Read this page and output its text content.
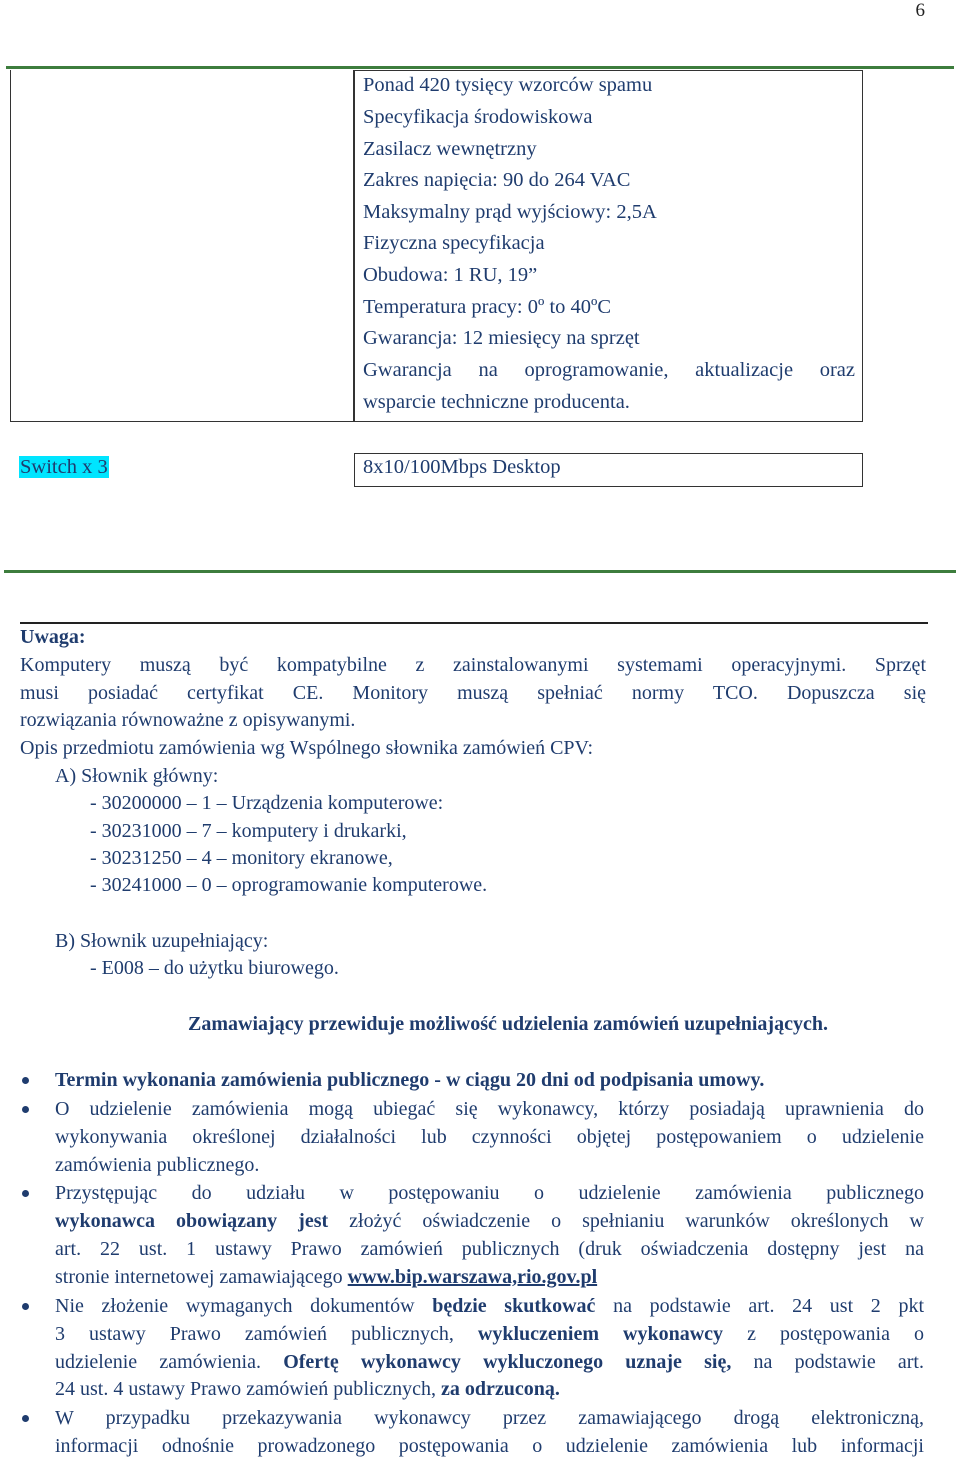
6
Ponad 420 tysięcy wzorców spamu
Specyfikacja środowiskowa
Zasilacz wewnętrzny
Zakres napięcia: 90 do 264 VAC
Maksymalny prąd wyjściowy: 2,5A
Fizyczna specyfikacja
Obudowa: 1 RU, 19”
Temperatura pracy: 0º to 40ºC
Gwarancja: 12 miesięcy na sprzęt
Gwarancja na oprogramowanie, aktualizacje oraz
wsparcie techniczne producenta.
Switch x 3	8x10/100Mbps Desktop
Uwaga:
Komputery muszą być kompatybilne z zainstalowanymi systemami operacyjnymi. Sprzęt
musi posiadać certyfikat CE. Monitory muszą spełniać normy TCO. Dopuszcza się
rozwiązania równoważne z opisywanymi.
Opis przedmiotu zamówienia wg Wspólnego słownika zamówień CPV:
A) Słownik główny:
- 30200000 – 1 – Urządzenia komputerowe:
- 30231000 – 7 – komputery i drukarki,
- 30231250 – 4 – monitory ekranowe,
- 30241000 – 0 – oprogramowanie komputerowe.
B) Słownik uzupełniający:
- E008 – do użytku biurowego.
Zamawiający przewiduje możliwość udzielenia zamówień uzupełniających.
Termin wykonania zamówienia publicznego - w ciągu 20 dni od podpisania umowy.
O udzielenie zamówienia mogą ubiegać się wykonawcy, którzy posiadają uprawnienia do
wykonywania określonej działalności lub czynności objętej postępowaniem o udzielenie
zamówienia publicznego.
Przystępując do udziału w postępowaniu o udzielenie zamówienia publicznego
wykonawca obowiązany jest złożyć oświadczenie o spełnianiu warunków określonych w
art. 22 ust. 1 ustawy Prawo zamówień publicznych (druk oświadczenia dostępny jest na
stronie internetowej zamawiającego www.bip.warszawa,rio.gov.pl
Nie złożenie wymaganych dokumentów będzie skutkować na podstawie art. 24 ust 2 pkt
3 ustawy Prawo zamówień publicznych, wykluczeniem wykonawcy z postępowania o
udzielenie zamówienia. Ofertę wykonawcy wykluczonego uznaje się, na podstawie art.
24 ust. 4 ustawy Prawo zamówień publicznych, za odrzuconą.
W przypadku przekazywania wykonawcy przez zamawiającego drogą elektroniczną,
informacji odnośnie prowadzonego postępowania o udzielenie zamówienia lub informacji
